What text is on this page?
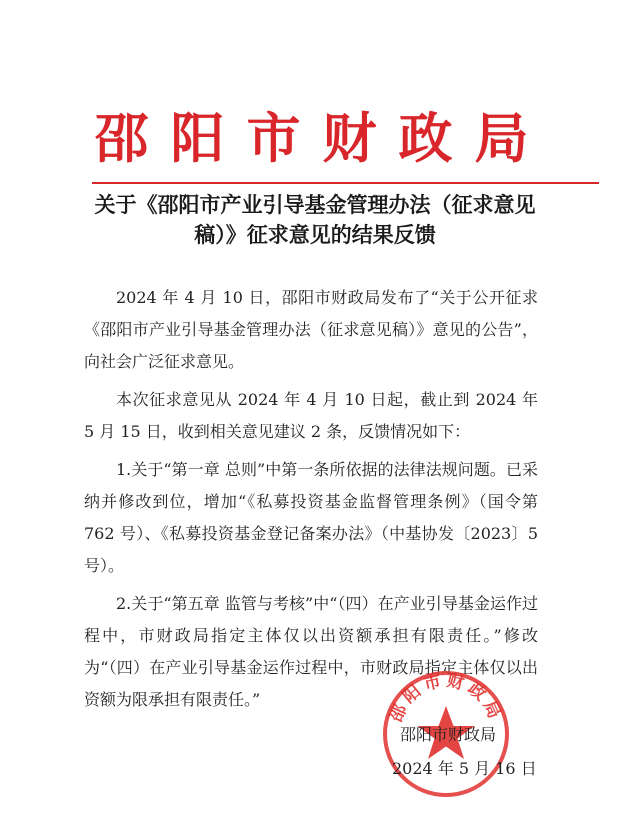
邵阳市财政局
关于《邵阳市产业引导基金管理办法（征求意见
稿）》征求意见的结果反馈

2024 年 4 月 10 日，邵阳市财政局发布了“关于公开征求《邵阳市产业引导基金管理办法（征求意见稿）》意见的公告”，向社会广泛征求意见。

本次征求意见从 2024 年 4 月 10 日起，截止到 2024 年 5 月 15 日，收到相关意见建议 2 条，反馈情况如下：

1.关于“第一章 总则”中第一条所依据的法律法规问题。已采纳并修改到位，增加“《私募投资基金监督管理条例》（国令第 762 号）、《私募投资基金登记备案办法》（中基协发〔2023〕5 号）。

2.关于“第五章 监管与考核”中“（四）在产业引导基金运作过程中，市财政局指定主体仅以出资额承担有限责任。”修改为“（四）在产业引导基金运作过程中，市财政局指定主体仅以出资额为限承担有限责任。”	邵阳市财政局
邵阳市财政局
2024 年 5 月 16 日
